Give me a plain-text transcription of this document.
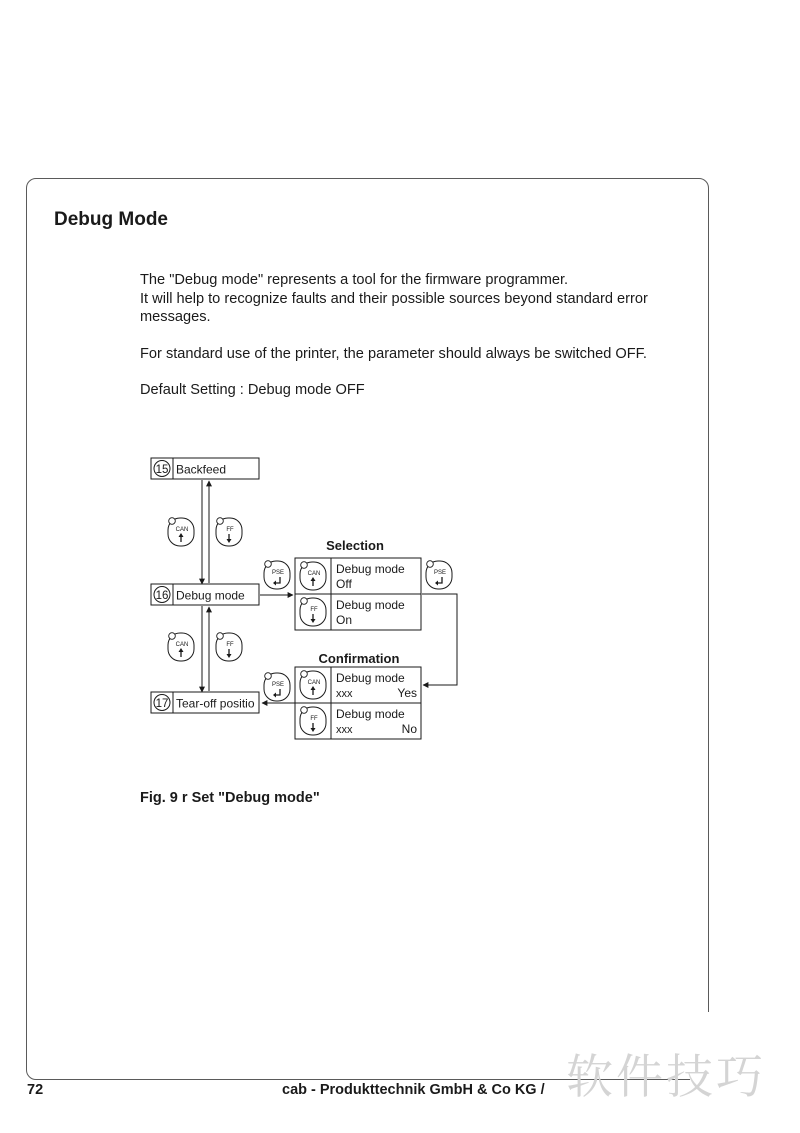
Debug Mode

The "Debug mode" represents a tool for the firmware programmer.
It will help to recognize faults and their possible sources beyond standard error messages.

For standard use of the printer, the parameter should always be switched OFF.

Default Setting : Debug mode OFF

15 Backfeed
16 Debug mode
17 Tear-off positio
CAN	FF
CAN	FF
PSE	PSE
PSE
Selection
Debug mode
Off
CAN
Debug mode
On
FF
Confirmation
Debug mode
xxx	Yes
CAN
Debug mode
xxx	No
FF

Fig. 9 r Set "Debug mode"

72	cab - Produkttechnik GmbH & Co KG / 软件技巧
